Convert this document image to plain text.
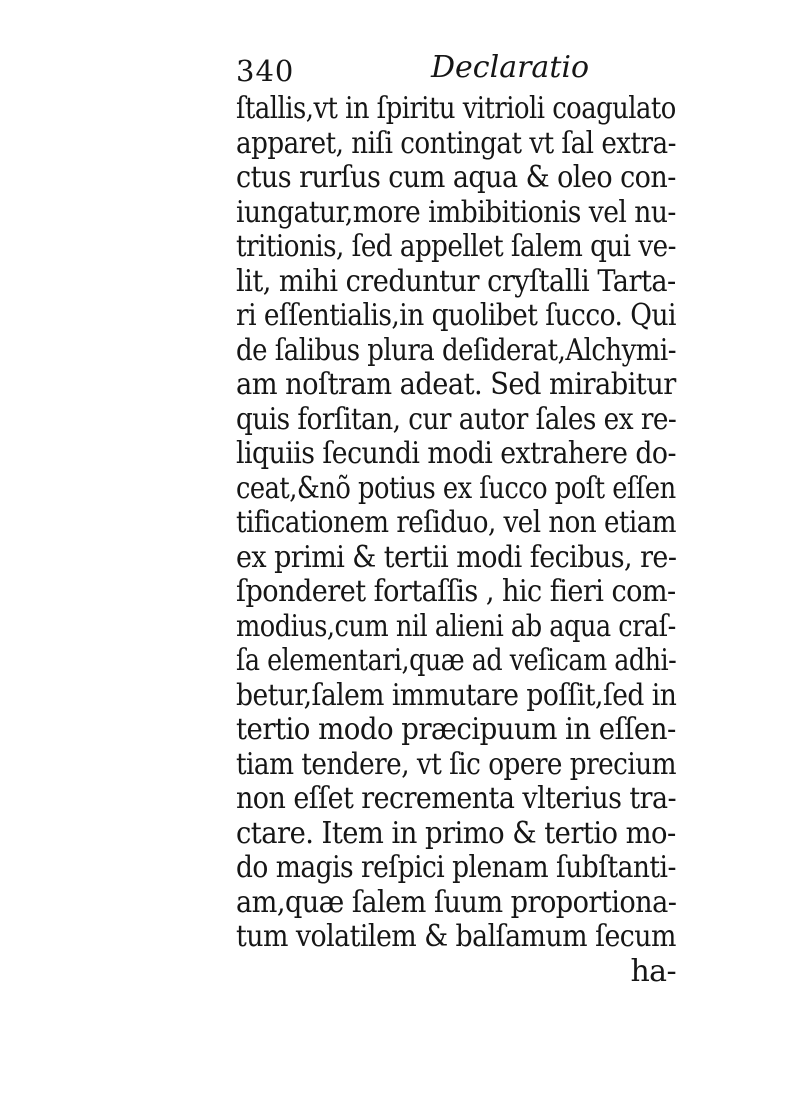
340	Declaratio
ſtallis,vt in ſpiritu vitrioli coagulato
apparet, niſi contingat vt ſal extra-
ctus rurſus cum aqua & oleo con-
iungatur,more imbibitionis vel nu-
tritionis, ſed appellet ſalem qui ve-
lit, mihi creduntur cryſtalli Tarta-
ri eſſentialis,in quolibet ſucco. Qui
de ſalibus plura deſiderat,Alchymi-
am noſtram adeat. Sed mirabitur
quis forſitan, cur autor ſales ex re-
liquiis ſecundi modi extrahere do-
ceat,&nõ potius ex ſucco poſt eſſen
tificationem reſiduo, vel non etiam
ex primi & tertii modi fecibus, re-
ſponderet fortaſſis , hic fieri com-
modius,cum nil alieni ab aqua craſ-
ſa elementari,quæ ad veſicam adhi-
betur,ſalem immutare poſſit,ſed in
tertio modo præcipuum in eſſen-
tiam tendere, vt ſic opere precium
non eſſet recrementa vlterius tra-
ctare. Item in primo & tertio mo-
do magis reſpici plenam ſubſtanti-
am,quæ ſalem ſuum proportiona-
tum volatilem & balſamum ſecum
ha-
